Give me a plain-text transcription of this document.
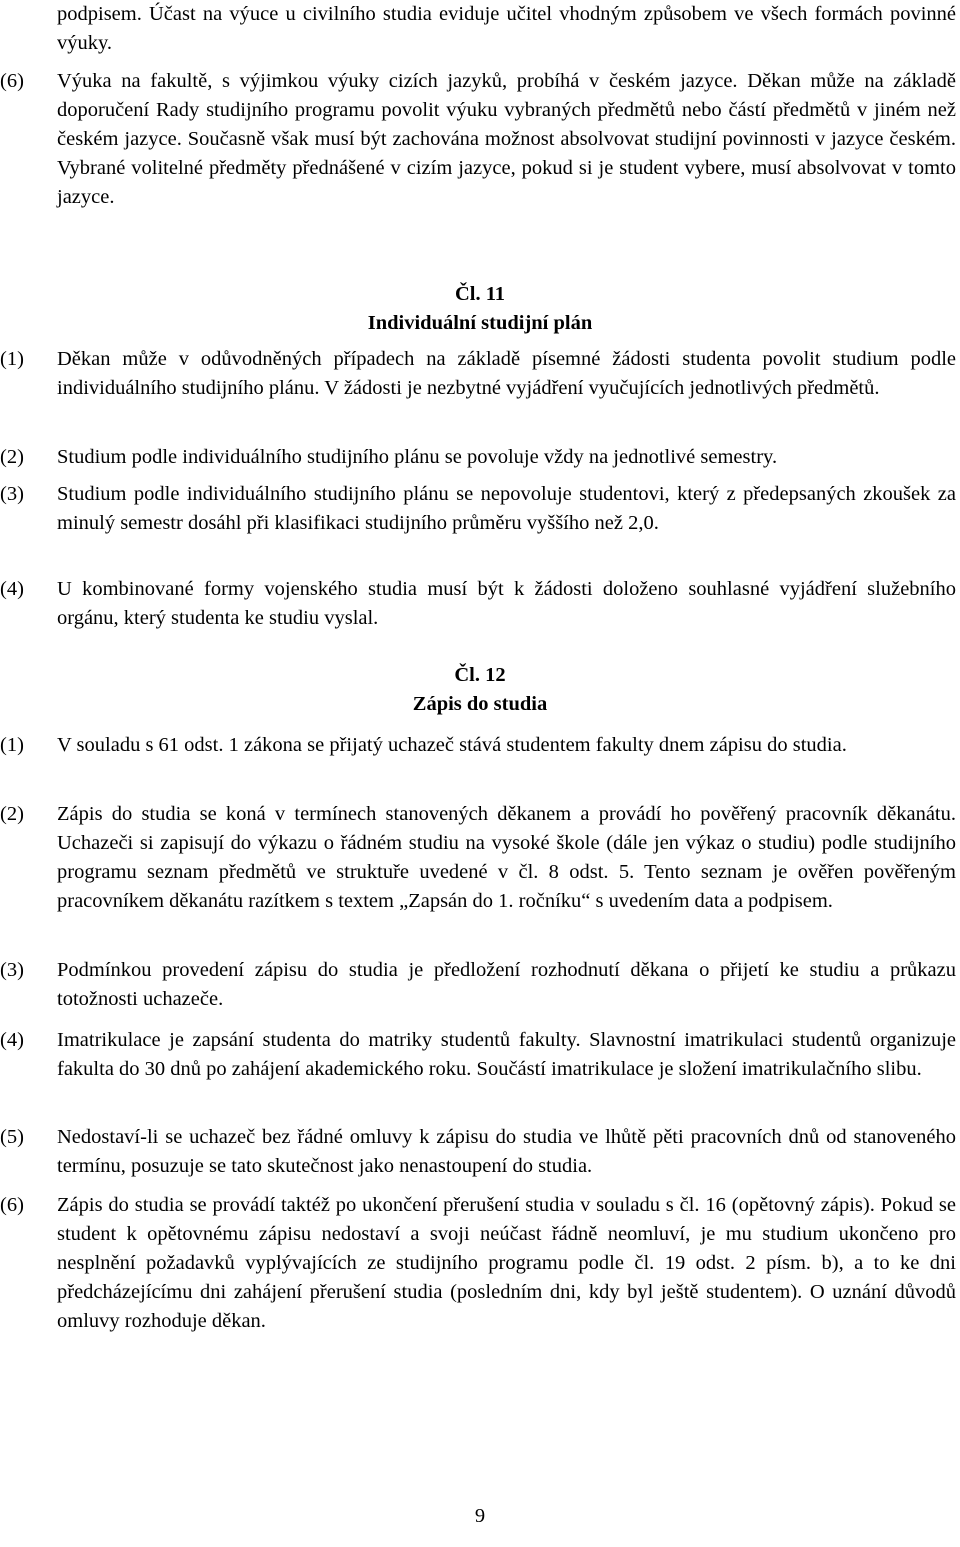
podpisem. Účast na výuce u civilního studia eviduje učitel vhodným způsobem ve všech formách povinné výuky.

(6) Výuka na fakultě, s výjimkou výuky cizích jazyků, probíhá v českém jazyce. Děkan může na základě doporučení Rady studijního programu povolit výuku vybraných předmětů nebo částí předmětů v jiném než českém jazyce. Současně však musí být zachována možnost absolvovat studijní povinnosti v jazyce českém. Vybrané volitelné předměty přednášené v cizím jazyce, pokud si je student vybere, musí absolvovat v tomto jazyce.

Čl. 11
Individuální studijní plán
(1) Děkan může v odůvodněných případech na základě písemné žádosti studenta povolit studium podle individuálního studijního plánu. V žádosti je nezbytné vyjádření vyučujících jednotlivých předmětů.

(2) Studium podle individuálního studijního plánu se povoluje vždy na jednotlivé semestry.

(3) Studium podle individuálního studijního plánu se nepovoluje studentovi, který z předepsaných zkoušek za minulý semestr dosáhl při klasifikaci studijního průměru vyššího než 2,0.

(4) U kombinované formy vojenského studia musí být k žádosti doloženo souhlasné vyjádření služebního orgánu, který studenta ke studiu vyslal.

Čl. 12
Zápis do studia
(1) V souladu s 61 odst. 1 zákona se přijatý uchazeč stává studentem fakulty dnem zápisu do studia.

(2) Zápis do studia se koná v termínech stanovených děkanem a provádí ho pověřený pracovník děkanátu. Uchazeči si zapisují do výkazu o řádném studiu na vysoké škole (dále jen výkaz o studiu) podle studijního programu seznam předmětů ve struktuře uvedené v čl. 8 odst. 5. Tento seznam je ověřen pověřeným pracovníkem děkanátu razítkem s textem „Zapsán do 1. ročníku“ s uvedením data a podpisem.

(3) Podmínkou provedení zápisu do studia je předložení rozhodnutí děkana o přijetí ke studiu a průkazu totožnosti uchazeče.

(4) Imatrikulace je zapsání studenta do matriky studentů fakulty. Slavnostní imatrikulaci studentů organizuje fakulta do 30 dnů po zahájení akademického roku. Součástí imatrikulace je složení imatrikulačního slibu.

(5) Nedostaví-li se uchazeč bez řádné omluvy k zápisu do studia ve lhůtě pěti pracovních dnů od stanoveného termínu, posuzuje se tato skutečnost jako nenastoupení do studia.

(6) Zápis do studia se provádí taktéž po ukončení přerušení studia v souladu s čl. 16 (opětovný zápis). Pokud se student k opětovnému zápisu nedostaví a svoji neúčast řádně neomluví, je mu studium ukončeno pro nesplnění požadavků vyplývajících ze studijního programu podle čl. 19 odst. 2 písm. b), a to ke dni předcházejícímu dni zahájení přerušení studia (posledním dni, kdy byl ještě studentem). O uznání důvodů omluvy rozhoduje děkan.

9
